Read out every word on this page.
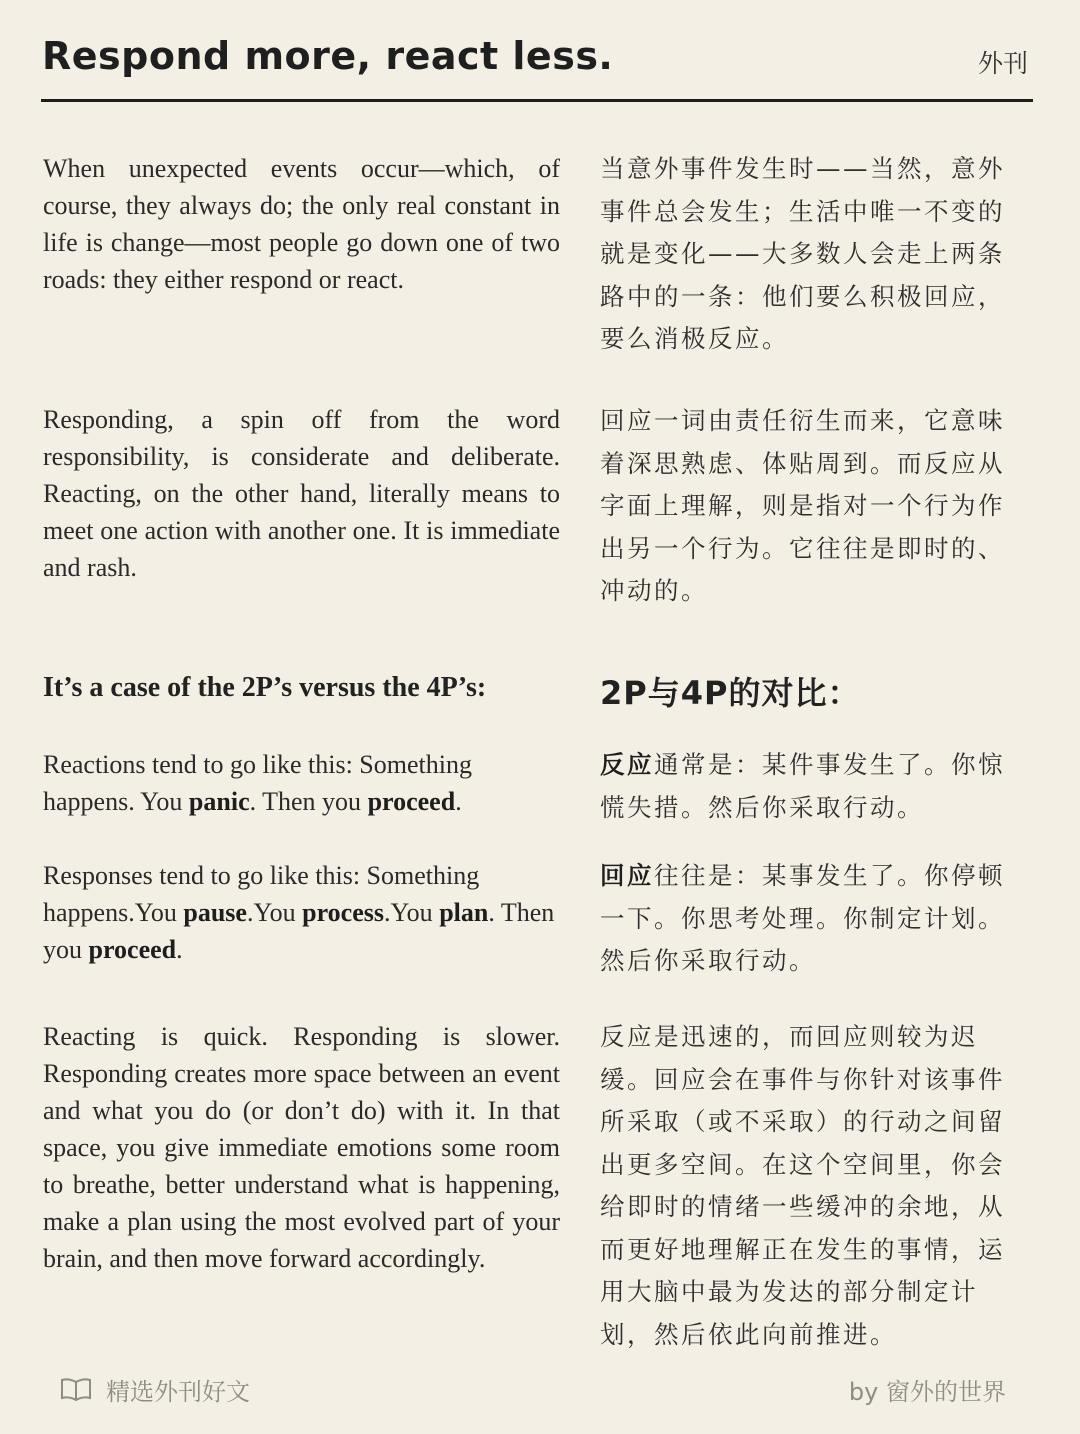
Respond more, react less.	外刊

When unexpected events occur—which, of course, they always do; the only real constant in life is change—most people go down one of two roads: they either respond or react.

当意外事件发生时——当然，意外事件总会发生；生活中唯一不变的就是变化——大多数人会走上两条路中的一条：他们要么积极回应，要么消极反应。

Responding, a spin off from the word responsibility, is considerate and deliberate. Reacting, on the other hand, literally means to meet one action with another one. It is immediate and rash.

回应一词由责任衍生而来，它意味着深思熟虑、体贴周到。而反应从字面上理解，则是指对一个行为作出另一个行为。它往往是即时的、冲动的。

It’s a case of the 2P’s versus the 4P’s:	2P与4P的对比：

Reactions tend to go like this: Something happens. You panic. Then you proceed.

反应通常是：某件事发生了。你惊慌失措。然后你采取行动。

Responses tend to go like this: Something happens.You pause.You process.You plan. Then you proceed.

回应往往是：某事发生了。你停顿一下。你思考处理。你制定计划。然后你采取行动。

Reacting is quick. Responding is slower. Responding creates more space between an event and what you do (or don’t do) with it. In that space, you give immediate emotions some room to breathe, better understand what is happening, make a plan using the most evolved part of your brain, and then move forward accordingly.

反应是迅速的，而回应则较为迟缓。回应会在事件与你针对该事件所采取（或不采取）的行动之间留出更多空间。在这个空间里，你会给即时的情绪一些缓冲的余地，从而更好地理解正在发生的事情，运用大脑中最为发达的部分制定计划，然后依此向前推进。

精选外刊好文	by 窗外的世界
